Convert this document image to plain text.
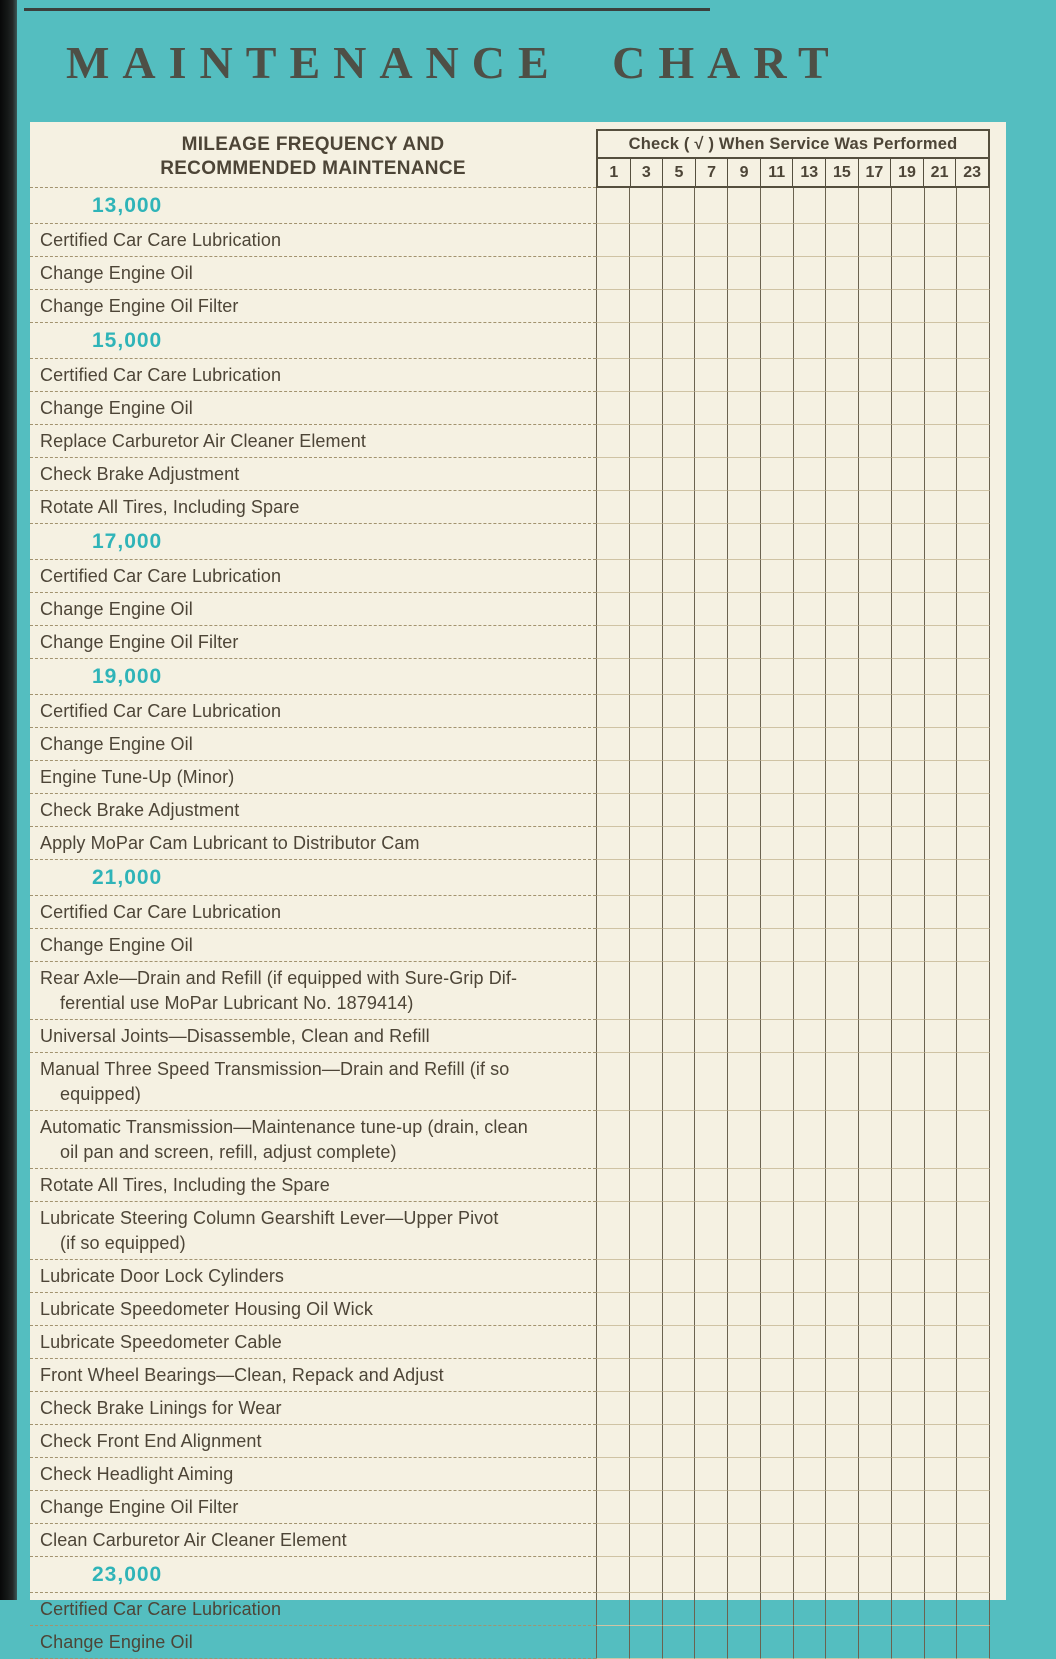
MAINTENANCE CHART
MILEAGE FREQUENCY AND
RECOMMENDED MAINTENANCE
Check ( √ ) When Service Was Performed
1	3	5	7	9	11 13 15 17 19 21 23
13,000
Certified Car Care Lubrication
Change Engine Oil
Change Engine Oil Filter
15,000
Certified Car Care Lubrication
Change Engine Oil
Replace Carburetor Air Cleaner Element
Check Brake Adjustment
Rotate All Tires, Including Spare
17,000
Certified Car Care Lubrication
Change Engine Oil
Change Engine Oil Filter
19,000
Certified Car Care Lubrication
Change Engine Oil
Engine Tune-Up (Minor)
Check Brake Adjustment
Apply MoPar Cam Lubricant to Distributor Cam
21,000
Certified Car Care Lubrication
Change Engine Oil
Rear Axle—Drain and Refill (if equipped with Sure-Grip Dif-
ferential use MoPar Lubricant No. 1879414)
Universal Joints—Disassemble, Clean and Refill
Manual Three Speed Transmission—Drain and Refill (if so
equipped)
Automatic Transmission—Maintenance tune-up (drain, clean
oil pan and screen, refill, adjust complete)
Rotate All Tires, Including the Spare
Lubricate Steering Column Gearshift Lever—Upper Pivot
(if so equipped)
Lubricate Door Lock Cylinders
Lubricate Speedometer Housing Oil Wick
Lubricate Speedometer Cable
Front Wheel Bearings—Clean, Repack and Adjust
Check Brake Linings for Wear
Check Front End Alignment
Check Headlight Aiming
Change Engine Oil Filter
Clean Carburetor Air Cleaner Element
23,000
Certified Car Care Lubrication
Change Engine Oil
